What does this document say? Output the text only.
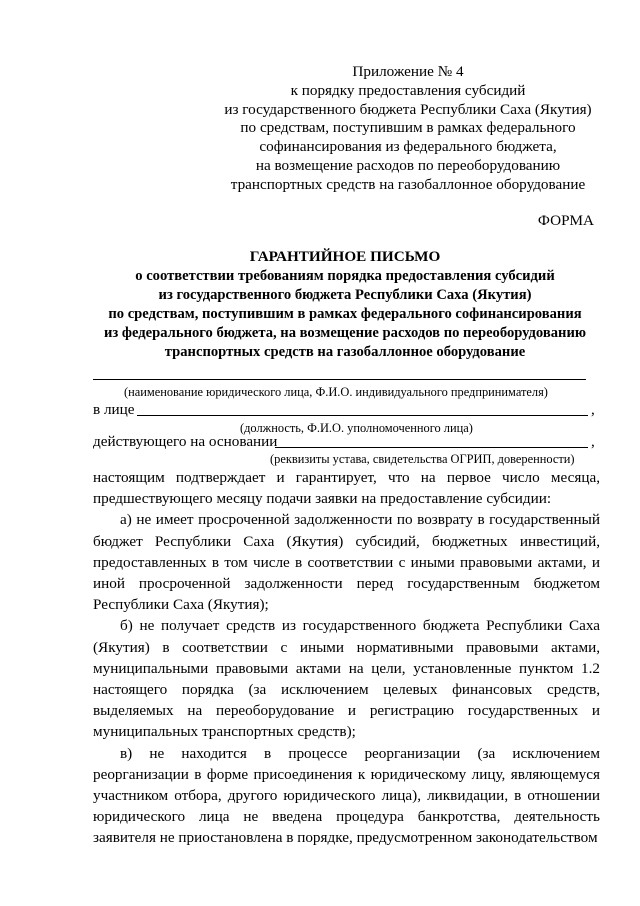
Приложение № 4
к порядку предоставления субсидий
из государственного бюджета Республики Саха (Якутия)
по средствам, поступившим в рамках федерального
софинансирования из федерального бюджета,
на возмещение расходов по переоборудованию
транспортных средств на газобаллонное оборудование
ФОРМА
ГАРАНТИЙНОЕ ПИСЬМО
о соответствии требованиям порядка предоставления субсидий
из государственного бюджета Республики Саха (Якутия)
по средствам, поступившим в рамках федерального софинансирования
из федерального бюджета, на возмещение расходов по переоборудованию
транспортных средств на газобаллонное оборудование
(наименование юридического лица, Ф.И.О. индивидуального предпринимателя)
в лице	,
(должность, Ф.И.О. уполномоченного лица)
действующего на основании	,
(реквизиты устава, свидетельства ОГРИП, доверенности)

настоящим подтверждает и гарантирует, что на первое число месяца, предшествующего месяцу подачи заявки на предоставление субсидии:

а) не имеет просроченной задолженности по возврату в государственный бюджет Республики Саха (Якутия) субсидий, бюджетных инвестиций, предоставленных в том числе в соответствии с иными правовыми актами, и иной просроченной задолженности перед государственным бюджетом Республики Саха (Якутия);

б) не получает средств из государственного бюджета Республики Саха (Якутия) в соответствии с иными нормативными правовыми актами, муниципальными правовыми актами на цели, установленные пунктом 1.2 настоящего порядка (за исключением целевых финансовых средств, выделяемых на переоборудование и регистрацию государственных и муниципальных транспортных средств);

в) не находится в процессе реорганизации (за исключением реорганизации в форме присоединения к юридическому лицу, являющемуся участником отбора, другого юридического лица), ликвидации, в отношении юридического лица не введена процедура банкротства, деятельность заявителя не приостановлена в порядке, предусмотренном законодательством
